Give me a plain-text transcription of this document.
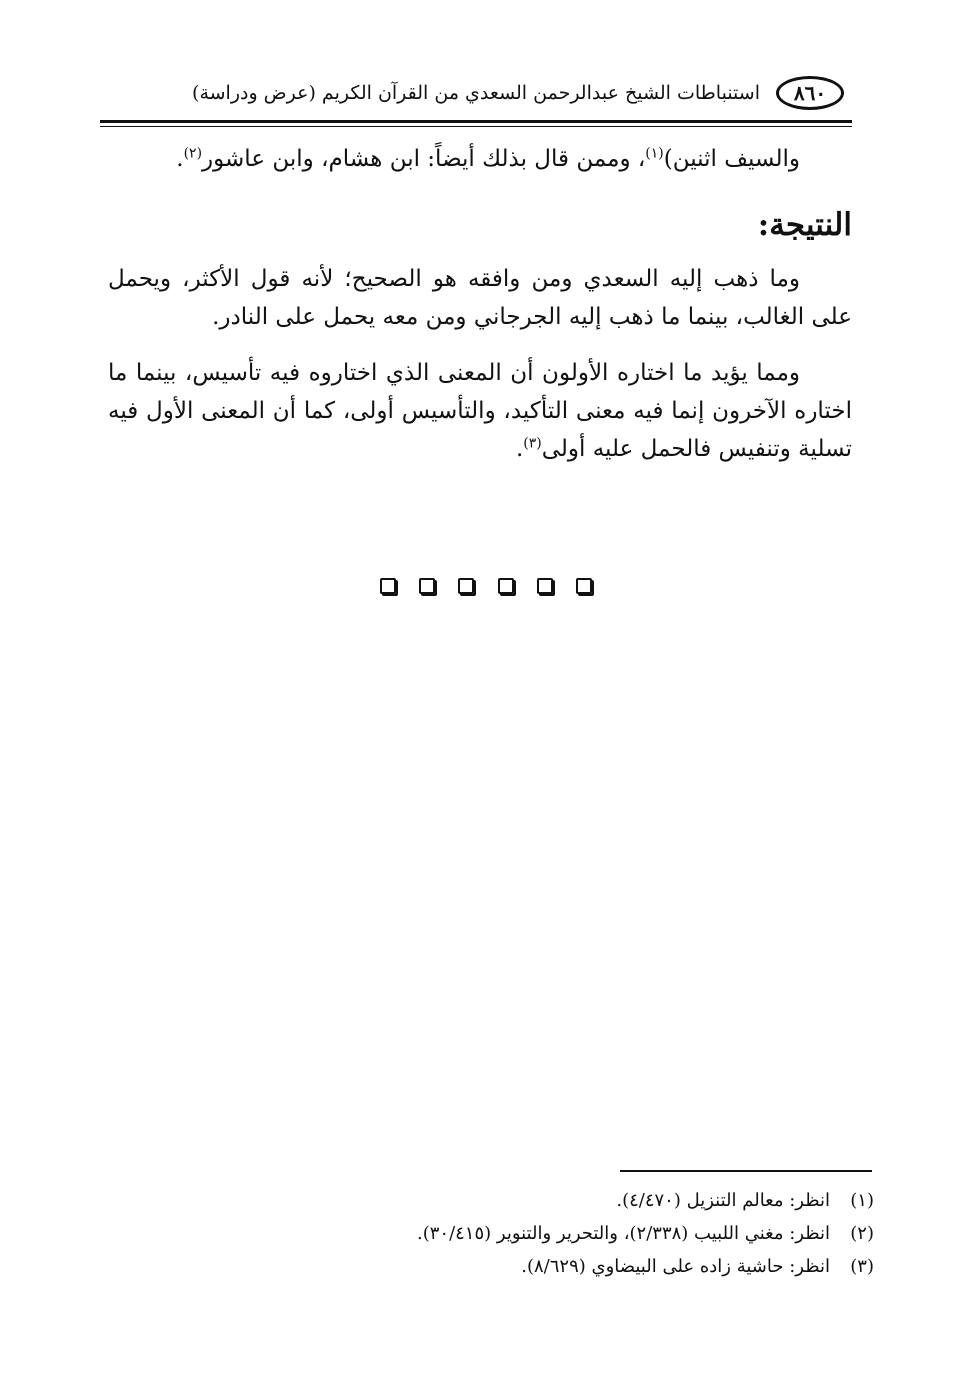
٨٦٠
استنباطات الشيخ عبدالرحمن السعدي من القرآن الكريم (عرض ودراسة)

والسيف اثنين)$^{(١)}$، وممن قال بذلك أيضاً: ابن هشام، وابن عاشور$^{(٢)}$.

النتيجة:

وما ذهب إليه السعدي ومن وافقه هو الصحيح؛ لأنه قول الأكثر، ويحمل على الغالب، بينما ما ذهب إليه الجرجاني ومن معه يحمل على النادر.

ومما يؤيد ما اختاره الأولون أن المعنى الذي اختاروه فيه تأسيس، بينما ما اختاره الآخرون إنما فيه معنى التأكيد، والتأسيس أولى، كما أن المعنى الأول فيه تسلية وتنفيس فالحمل عليه أولى$^{(٣)}$.

(١)انظر: معالم التنزيل (٤/٤٧٠).
(٢)انظر: مغني اللبيب (٢/٣٣٨)، والتحرير والتنوير (٣٠/٤١٥).
(٣)انظر: حاشية زاده على البيضاوي (٨/٦٢٩).
